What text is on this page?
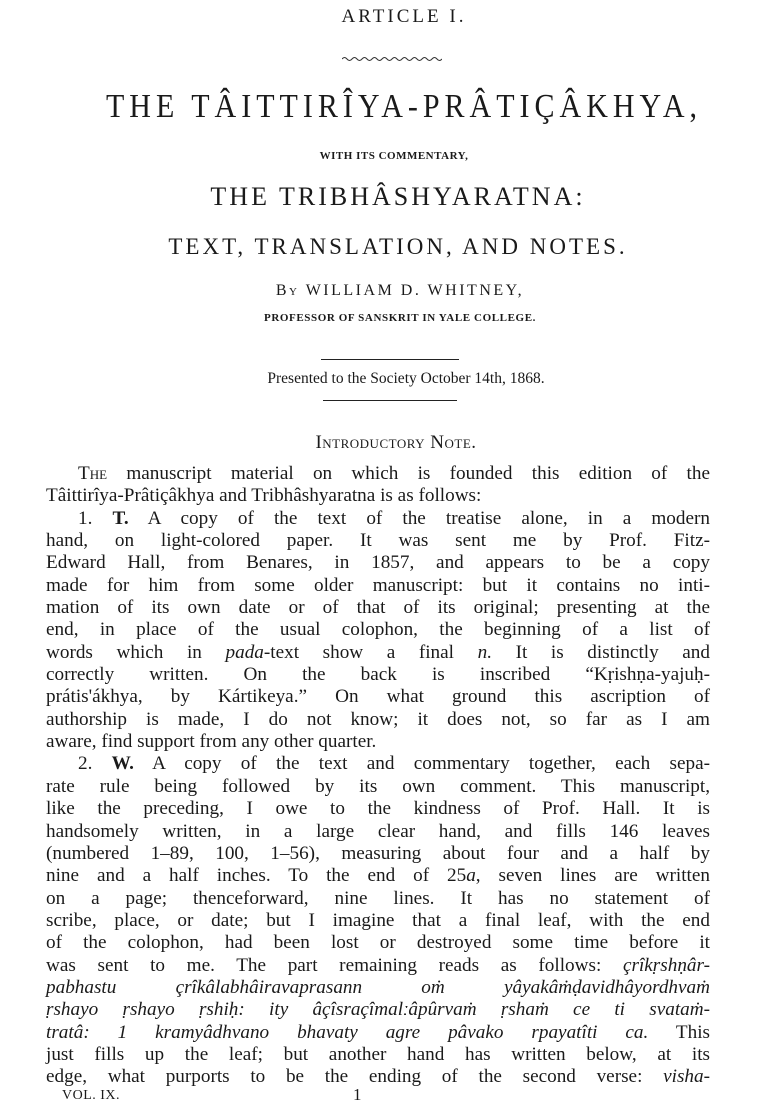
ARTICLE I.
THE TÂITTIRÎYA-PRÂTIÇÂKHYA,
WITH ITS COMMENTARY,
THE TRIBHÂSHYARATNA:
TEXT, TRANSLATION, AND NOTES.
By WILLIAM D. WHITNEY,
PROFESSOR OF SANSKRIT IN YALE COLLEGE.
Presented to the Society October 14th, 1868.
Introductory Note.
The manuscript material on which is founded this edition of the
Tâittirîya-Prâtiçâkhya and Tribhâshyaratna is as follows:
1. T. A copy of the text of the treatise alone, in a modern
hand, on light-colored paper. It was sent me by Prof. Fitz-
Edward Hall, from Benares, in 1857, and appears to be a copy
made for him from some older manuscript: but it contains no inti-
mation of its own date or of that of its original; presenting at the
end, in place of the usual colophon, the beginning of a list of
words which in pada-text show a final n. It is distinctly and
correctly written. On the back is inscribed “Kṛishṇa-yajuḥ-
prátis'ákhya, by Kártikeya.” On what ground this ascription of
authorship is made, I do not know; it does not, so far as I am
aware, find support from any other quarter.
2. W. A copy of the text and commentary together, each sepa-
rate rule being followed by its own comment. This manuscript,
like the preceding, I owe to the kindness of Prof. Hall. It is
handsomely written, in a large clear hand, and fills 146 leaves
(numbered 1–89, 100, 1–56), measuring about four and a half by
nine and a half inches. To the end of 25a, seven lines are written
on a page; thenceforward, nine lines. It has no statement of
scribe, place, or date; but I imagine that a final leaf, with the end
of the colophon, had been lost or destroyed some time before it
was sent to me. The part remaining reads as follows: çrîkṛshṇâr-
pabhastu çrîkâlabhâiravaprasann oṁ yâyakâṁḍavidhâyordhvaṁ
ṛshayo ṛshayo ṛshiḥ: ity âçîsraçîmalːâpûrvaṁ ṛshaṁ ce ti svataṁ-
tratâ: 1 kramyâdhvano bhavaty agre pâvako rpayatîti ca. This
just fills up the leaf; but another hand has written below, at its
edge, what purports to be the ending of the second verse: visha-
VOL. IX.	1
